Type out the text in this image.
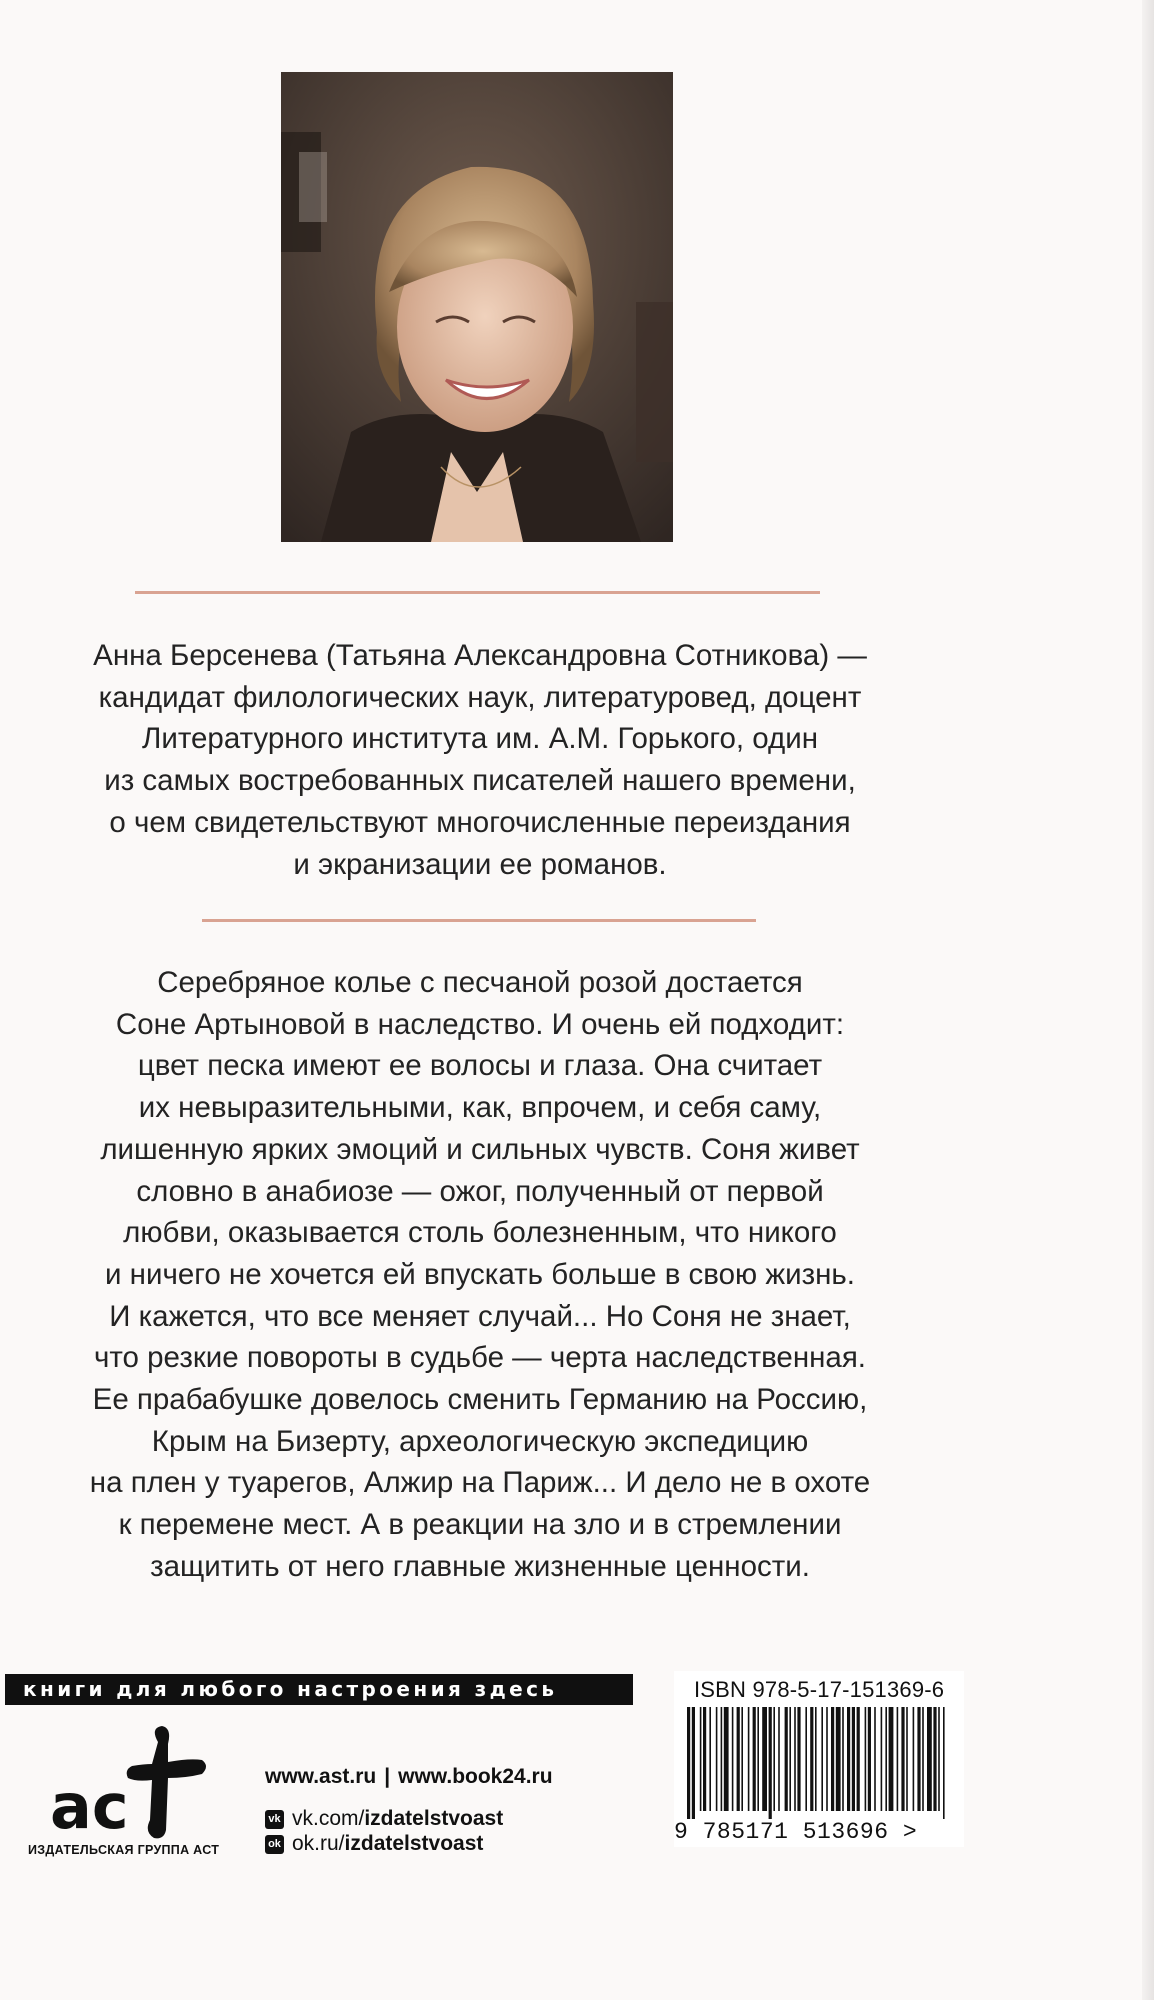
Анна Берсенева (Татьяна Александровна Сотникова) —
кандидат филологических наук, литературовед, доцент
Литературного института им. А.М. Горького, один
из самых востребованных писателей нашего времени,
о чем свидетельствуют многочисленные переиздания
и экранизации ее романов.
Серебряное колье с песчаной розой достается
Соне Артыновой в наследство. И очень ей подходит:
цвет песка имеют ее волосы и глаза. Она считает
их невыразительными, как, впрочем, и себя саму,
лишенную ярких эмоций и сильных чувств. Соня живет
словно в анабиозе — ожог, полученный от первой
любви, оказывается столь болезненным, что никого
и ничего не хочется ей впускать больше в свою жизнь.
И кажется, что все меняет случай... Но Соня не знает,
что резкие повороты в судьбе — черта наследственная.
Ее прабабушке довелось сменить Германию на Россию,
Крым на Бизерту, археологическую экспедицию
на плен у туарегов, Алжир на Париж... И дело не в охоте
к перемене мест. А в реакции на зло и в стремлении
защитить от него главные жизненные ценности.
книги для любого настроения здесь
ас
ИЗДАТЕЛЬСКАЯ ГРУППА АСТ
www.ast.ru | www.book24.ru
vk vk.com/ izdatelstvoast
ok ok.ru/ izdatelstvoast
ISBN 978-5-17-151369-6
9 785171 513696 >
